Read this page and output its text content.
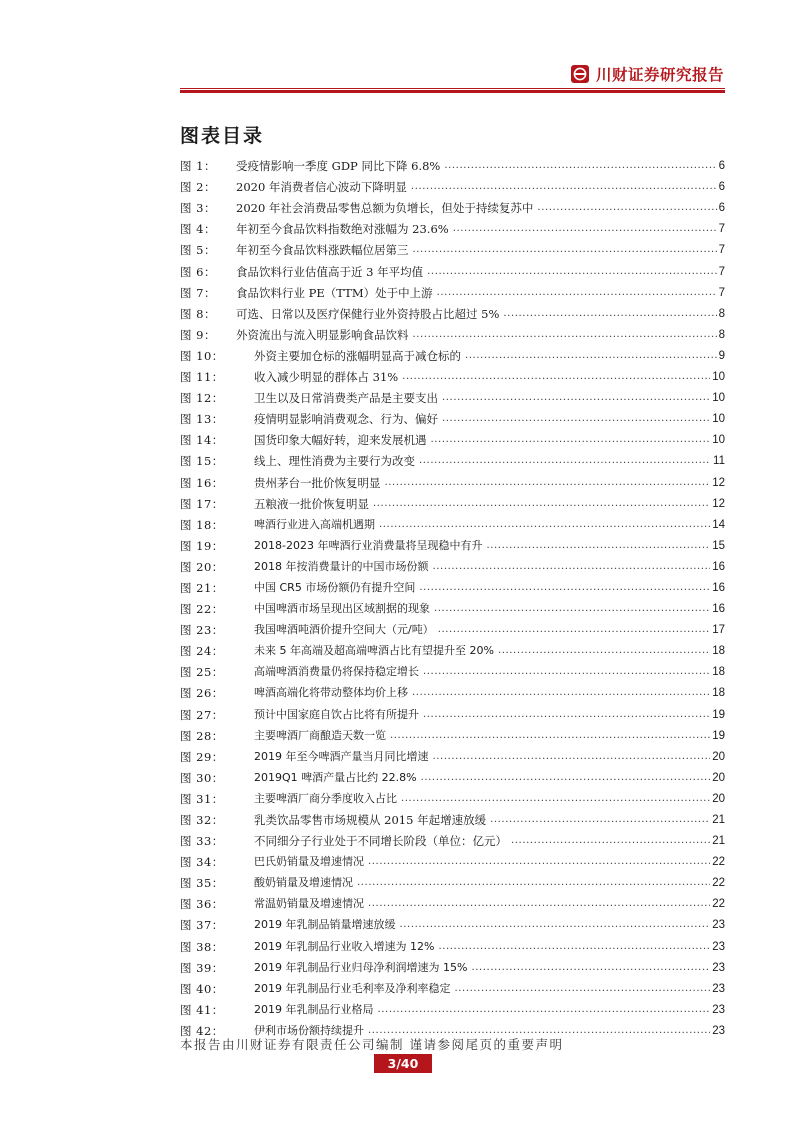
川财证券研究报告
图表目录
图 1：	受疫情影响一季度 GDP 同比下降 6.8% .....	6
图 2：	2020 年消费者信心波动下降明显 .....	6
图 3：	2020 年社会消费品零售总额为负增长，但处于持续复苏中 .....	6
图 4：	年初至今食品饮料指数绝对涨幅为 23.6% .....	7
图 5：	年初至今食品饮料涨跌幅位居第三 .....	7
图 6：	食品饮料行业估值高于近 3 年平均值 .....	7
图 7：	食品饮料行业 PE（TTM）处于中上游 .....	7
图 8：	可选、日常以及医疗保健行业外资持股占比超过 5% .....	8
图 9：	外资流出与流入明显影响食品饮料 .....	8
图 10：	外资主要加仓标的涨幅明显高于减仓标的 .....	9
图 11：	收入减少明显的群体占 31% .....	10
图 12：	卫生以及日常消费类产品是主要支出 .....	10
图 13：	疫情明显影响消费观念、行为、偏好 .....	10
图 14：	国货印象大幅好转，迎来发展机遇 .....	10
图 15：	线上、理性消费为主要行为改变 .....	11
图 16：	贵州茅台一批价恢复明显 .....	12
图 17：	五粮液一批价恢复明显 .....	12
图 18：	啤酒行业进入高端机遇期 .....	14
图 19：	2018-2023 年啤酒行业消费量将呈现稳中有升 .....	15
图 20：	2018 年按消费量计的中国市场份额 .....	16
图 21：	中国 CR5 市场份额仍有提升空间 .....	16
图 22：	中国啤酒市场呈现出区域割据的现象 .....	16
图 23：	我国啤酒吨酒价提升空间大（元/吨） .....	17
图 24：	未来 5 年高端及超高端啤酒占比有望提升至 20% .....	18
图 25：	高端啤酒消费量仍将保持稳定增长 .....	18
图 26：	啤酒高端化将带动整体均价上移 .....	18
图 27：	预计中国家庭自饮占比将有所提升 .....	19
图 28：	主要啤酒厂商酿造天数一览 .....	19
图 29：	2019 年至今啤酒产量当月同比增速 .....	20
图 30：	2019Q1 啤酒产量占比约 22.8% .....	20
图 31：	主要啤酒厂商分季度收入占比 .....	20
图 32：	乳类饮品零售市场规模从 2015 年起增速放缓 .....	21
图 33：	不同细分子行业处于不同增长阶段（单位：亿元） .....	21
图 34：	巴氏奶销量及增速情况 .....	22
图 35：	酸奶销量及增速情况 .....	22
图 36：	常温奶销量及增速情况 .....	22
图 37：	2019 年乳制品销量增速放缓 .....	23
图 38：	2019 年乳制品行业收入增速为 12% .....	23
图 39：	2019 年乳制品行业归母净利润增速为 15% .....	23
图 40：	2019 年乳制品行业毛利率及净利率稳定 .....	23
图 41：	2019 年乳制品行业格局 .....	23
图 42：	伊利市场份额持续提升 .....	23

本报告由川财证券有限责任公司编制 谨请参阅尾页的重要声明

3/40
